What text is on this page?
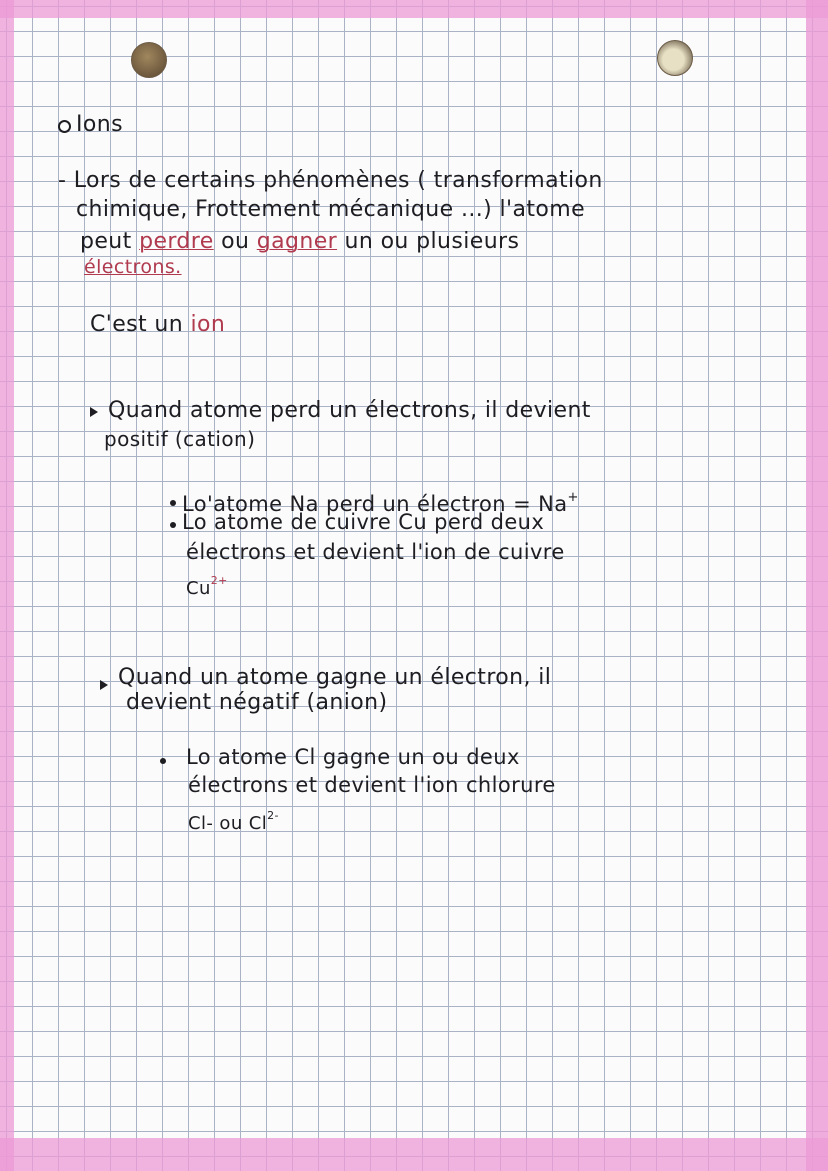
Ions

- Lors de certains phénomènes ( transformation

chimique, Frottement mécanique ...) l'atome

peut perdre ou gagner un ou plusieurs

électrons.

C'est un ion

Quand atome perd un électrons, il devient

positif (cation)

Lo'atome Na perd un électron = Na+

Lo atome de cuivre Cu perd deux

électrons et devient l'ion de cuivre

$Cu^{2+}$

Quand un atome gagne un électron, il

devient négatif (anion)

Lo atome Cl gagne un ou deux

électrons et devient l'ion chlorure

Cl- ou $Cl^{2-}$
